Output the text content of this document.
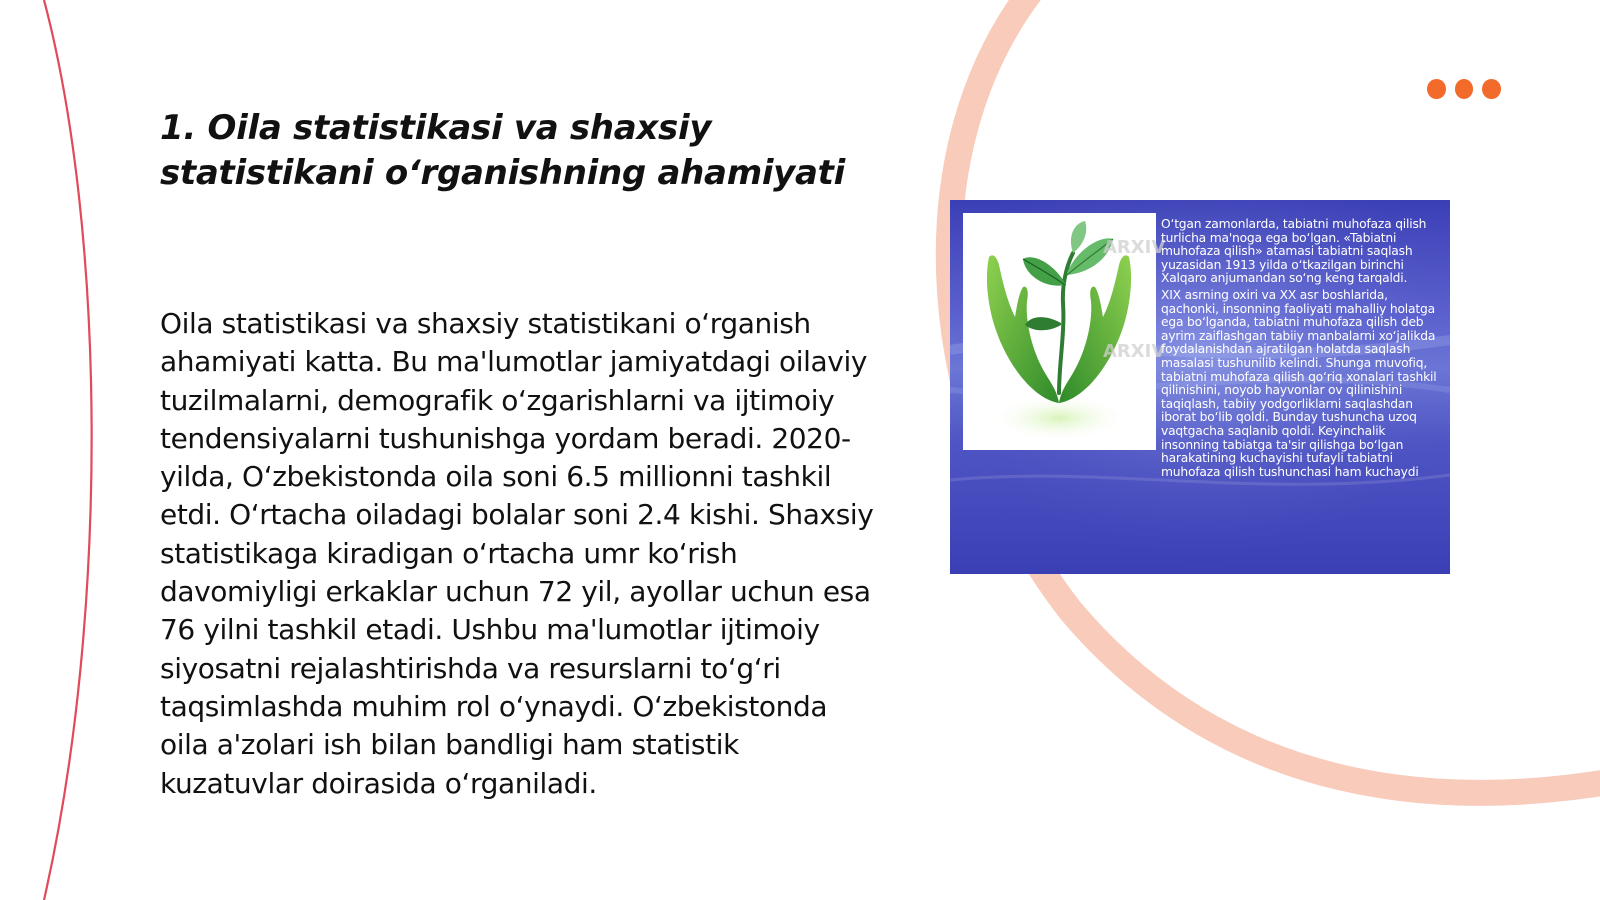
1. Oila statistikasi va shaxsiy statistikani o‘rganishning ahamiyati

Oila statistikasi va shaxsiy statistikani o‘rganish ahamiyati katta. Bu ma'lumotlar jamiyatdagi oilaviy tuzilmalarni, demografik o‘zgarishlarni va ijtimoiy tendensiyalarni tushunishga yordam beradi. 2020-yilda, O‘zbekistonda oila soni 6.5 millionni tashkil etdi. O‘rtacha oiladagi bolalar soni 2.4 kishi. Shaxsiy statistikaga kiradigan o‘rtacha umr ko‘rish davomiyligi erkaklar uchun 72 yil, ayollar uchun esa 76 yilni tashkil etadi. Ushbu ma'lumotlar ijtimoiy siyosatni rejalashtirishda va resurslarni to‘g‘ri taqsimlashda muhim rol o‘ynaydi. O‘zbekistonda oila a'zolari ish bilan bandligi ham statistik kuzatuvlar doirasida o‘rganiladi.

ARXIV
ARXIV
O‘tgan zamonlarda, tabiatni muhofaza qilish turlicha ma'noga ega bo‘lgan. «Tabiatni muhofaza qilish» atamasi tabiatni saqlash yuzasidan 1913 yilda o‘tkazilgan birinchi Xalqaro anjumandan so‘ng keng tarqaldi.
XIX asrning oxiri va XX asr boshlarida, qachonki, insonning faoliyati mahalliy holatga ega bo‘lganda, tabiatni muhofaza qilish deb ayrim zaiflashgan tabiiy manbalarni xo‘jalikda foydalanishdan ajratilgan holatda saqlash masalasi tushunilib kelindi. Shunga muvofiq, tabiatni muhofaza qilish qo‘riq xonalari tashkil qilinishini, noyob hayvonlar ov qilinishini taqiqlash, tabiiy yodgorliklarni saqlashdan iborat bo‘lib qoldi. Bunday tushuncha uzoq vaqtgacha saqlanib qoldi. Keyinchalik insonning tabiatga ta'sir qilishga bo‘lgan harakatining kuchayishi tufayli tabiatni muhofaza qilish tushunchasi ham kuchaydi
